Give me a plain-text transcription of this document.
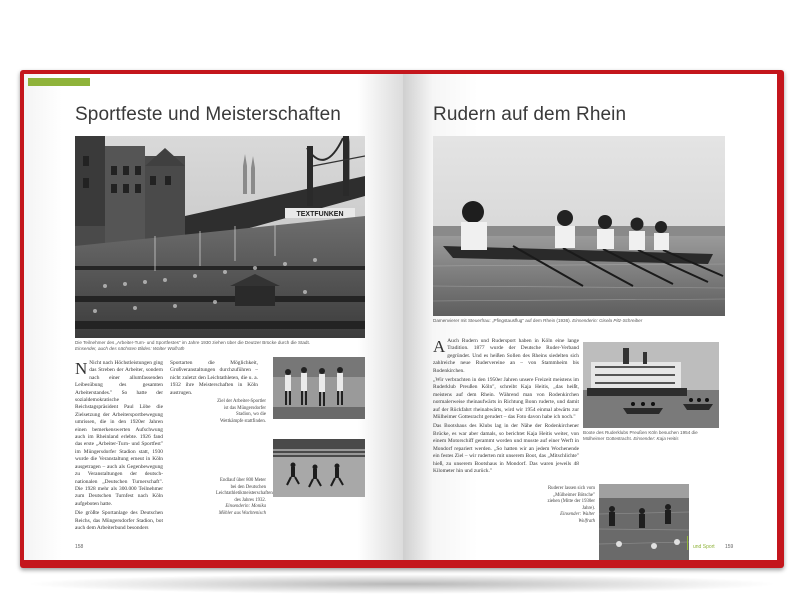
Sportfeste und Meisterschaften
TEXTFUNKEN
Die Teilnehmer des „Arbeiter-Turn- und Sportfestes" im Jahre 1930 ziehen über die Deutzer Brücke durch die Stadt.
Einsender, auch des nächsten Bildes: Walter Wolfrath

N Nicht nach Höchstleistungen ging das Streben der Arbeiter, sondern nach einer allumfassenden Leibesübung des gesamten Arbeiterstandes." So hatte der sozialdemokratische Reichstagspräsident Paul Löbe die Zielsetzung der Arbeitersportbewegung umrissen, die in den 1920er Jahren einen bemerkenswerten Aufschwung auch im Rheinland erlebte. 1926 fand das erste „Arbeiter-Turn- und Sportfest" im Müngersdorfer Stadion statt, 1930 wurde die Veranstaltung erneut in Köln ausgetragen – auch als Gegenbewegung zu Veranstaltungen der deutsch-nationalen „Deutschen Turnerschaft". Die 1928 mehr als 300.000 Teilnehmer zum Deutschen Turnfest nach Köln aufgeboten hatte.

Die größte Sportanlage des Deutschen Reichs, das Müngersdorfer Stadion, bot auch dem Arbeiterbund besonders

Sportarten die Möglichkeit, Großveranstaltungen durchzuführen – nicht zuletzt den Leichtathleten, die u. a. 1932 ihre Meisterschaften in Köln austrugen.
Ziel der Arbeiter-Sportler ist das Müngersdorfer Stadion, wo die Wettkämpfe stattfinden.
Endlauf über 800 Meter bei den Deutschen Leichtathletikmeisterschaften des Jahres 1932.
Einsenderin: Monika Möhler aus Wachtenisch
158
Rudern auf dem Rhein
Damenvierer mit Steuerfrau: „Pfingstausflug" auf dem Rhein (1936). Einsenderin: Gisela Pitz-Schreiber

A Auch Rudern und Rudersport haben in Köln eine lange Tradition. 1877 wurde der Deutsche Ruder-Verband gegründet. Und es heißen Sollen des Rheins siedelten sich zahlreiche neue Rudervereine an – von Stammheim bis Rodenkirchen.

„Wir verbrachten in den 1950er Jahren unsere Freizeit meistens im Ruderklub Preußen Köln", schreibt Kaja Heitis, „das heißt, meistens auf dem Rhein. Während man von Rodenkirchen normalerweise rheinaufwärts in Richtung Bonn ruderte, und damit auf der Rückfahrt rheinabwärts, wird wir 1954 einmal abwärts zur Mülheimer Gottesracht gerudert – das Foto davon habe ich noch."

Das Bootshaus des Klubs lag in der Nähe der Rodenkirchener Brücke, es war aber damals, so berichtet Kaja Heitis weiter, von einem Motorschiff gerammt worden und musste auf einer Werft in Mondorf repariert werden. „So hatten wir an jedem Wochenende ein festes Ziel – wir ruderten mit unserem Boot, das „Mitschlichte" hieß, zu unserem Bootshaus in Mondorf. Das waren jeweils 48 Kilometer hin und zurück."

Boote des Ruderklubs Preußen Köln besuchen 1954 die Mülheimer Gottestracht. Einsender: Kaja Heitis
Ruderer lassen sich vom „Mülheimer Bötsche" ziehen (Mitte der 1930er Jahre).
Einsender: Walter Wolfrath
und Sport 159
